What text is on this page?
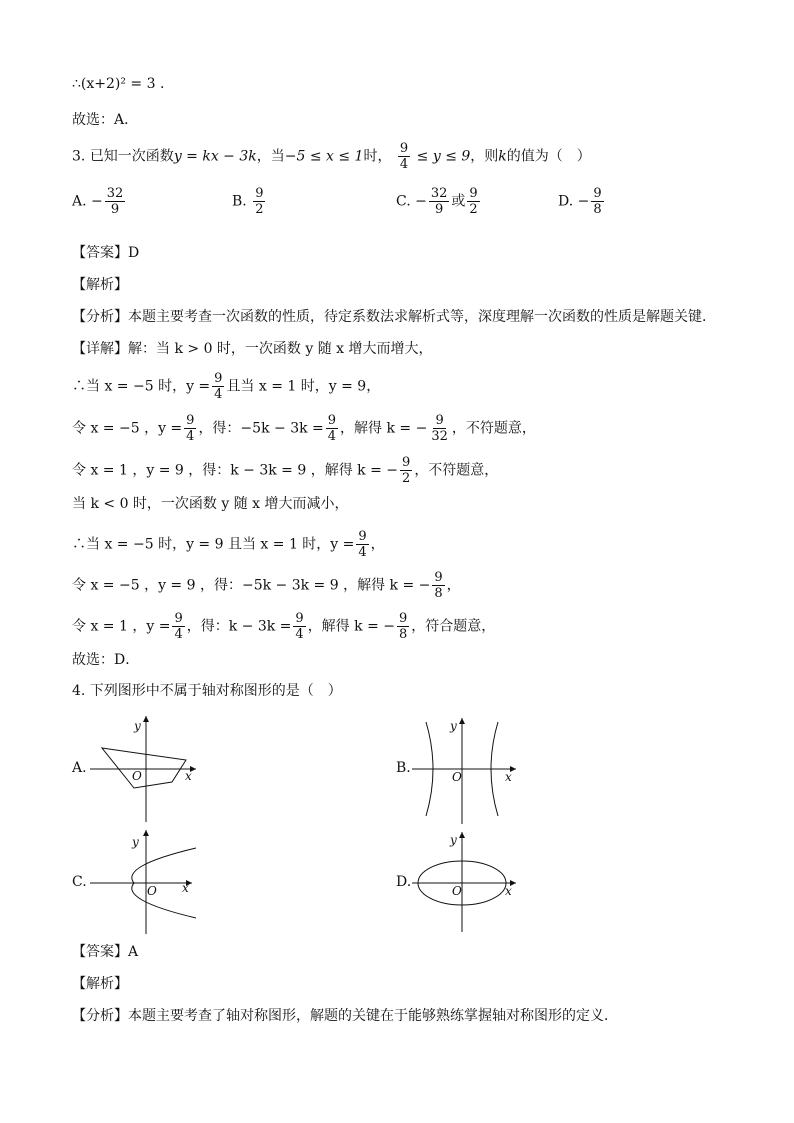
∴(x+2)² = 3 .
故选：A．
3. 已知一次函数y = kx − 3k，当−5 ≤ x ≤ 1时， $\frac{9}{4} \le y \le 9$，则k的值为（　）
A. − $\frac{32}{9}$	B. $\frac{9}{2}$	C. − $\frac{32}{9}$ 或 $\frac{9}{2}$	D. − $\frac{9}{8}$
【答案】D
【解析】
【分析】本题主要考查一次函数的性质，待定系数法求解析式等，深度理解一次函数的性质是解题关键．
【详解】解：当 k > 0 时，一次函数 y 随 x 增大而增大，
∴当 x = −5 时，$y = \frac{9}{4}$ 且当 x = 1 时，y = 9，
令 x = −5 ，$y = \frac{9}{4}$ ，得：$-5k - 3k = \frac{9}{4}$ ，解得 k = − $\frac{9}{32}$ ，不符题意，
令 x = 1 ，y = 9 ，得：k − 3k = 9 ，解得 k = − $\frac{9}{2}$ ，不符题意，
当 k < 0 时，一次函数 y 随 x 增大而减小，
∴当 x = −5 时，y = 9 且当 x = 1 时，$y = \frac{9}{4}$ ，
令 x = −5 ，y = 9 ，得：−5k − 3k = 9 ，解得 k = − $\frac{9}{8}$ ，
令 x = 1 ，$y = \frac{9}{4}$ ，得：$k - 3k = \frac{9}{4}$ ，解得 k = − $\frac{9}{8}$ ，符合题意，
故选：D．
4. 下列图形中不属于轴对称图形的是（　）
A.
y
O	x	B.
y
O	x
C.
y
O x	D.
y
O	x
【答案】A
【解析】
【分析】本题主要考查了轴对称图形，解题的关键在于能够熟练掌握轴对称图形的定义．
